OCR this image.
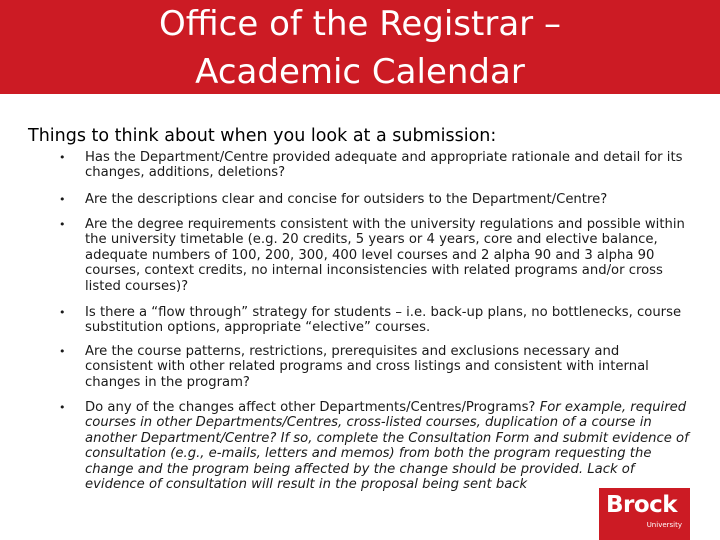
Office of the Registrar –
Academic Calendar
Things to think about when you look at a submission:
•	Has the Department/Centre provided adequate and appropriate rationale and detail for its changes, additions, deletions?
•	Are the descriptions clear and concise for outsiders to the Department/Centre?
•	Are the degree requirements consistent with the university regulations and possible within the university timetable (e.g. 20 credits, 5 years or 4 years, core and elective balance, adequate numbers of 100, 200, 300, 400 level courses and 2 alpha 90 and 3 alpha 90 courses, context credits, no internal inconsistencies with related programs and/or cross listed courses)?
•	Is there a “flow through” strategy for students – i.e. back-up plans, no bottlenecks, course substitution options, appropriate “elective” courses.
•	Are the course patterns, restrictions, prerequisites and exclusions necessary and consistent with other related programs and cross listings and consistent with internal changes in the program?
•	Do any of the changes affect other Departments/Centres/Programs? For example, required courses in other Departments/Centres, cross-listed courses, duplication of a course in another Department/Centre? If so, complete the Consultation Form and submit evidence of consultation (e.g., e-mails, letters and memos) from both the program requesting the change and the program being affected by the change should be provided. Lack of evidence of consultation will result in the proposal being sent back
Brock
University
